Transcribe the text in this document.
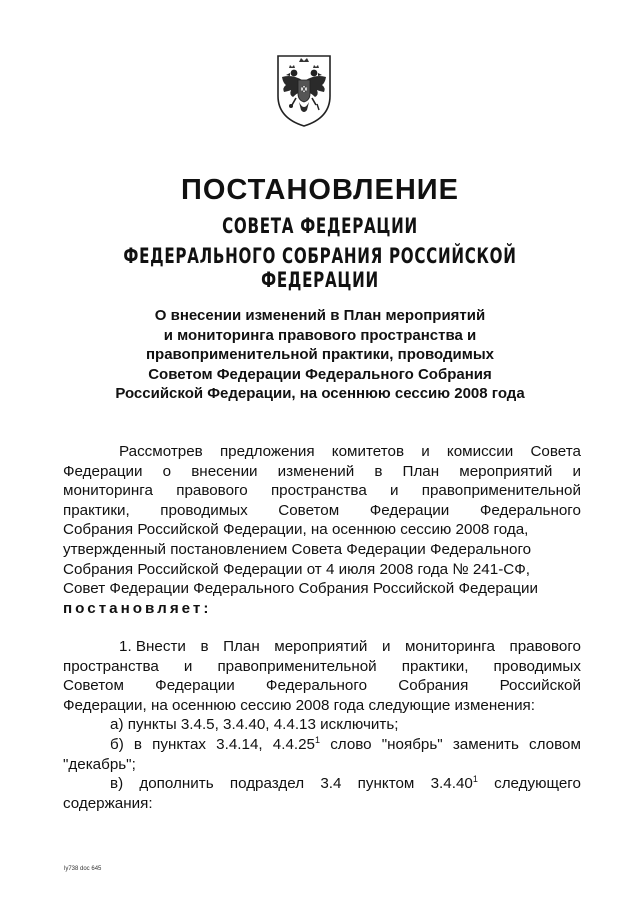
ПОСТАНОВЛЕНИЕ
СОВЕТА ФЕДЕРАЦИИ
ФЕДЕРАЛЬНОГО СОБРАНИЯ РОССИЙСКОЙ ФЕДЕРАЦИИ
О внесении изменений в План мероприятий
и мониторинга правового пространства и
правоприменительной практики, проводимых
Советом Федерации Федерального Собрания
Российской Федерации, на осеннюю сессию 2008 года
Рассмотрев предложения комитетов и комиссии Совета
Федерации о внесении изменений в План мероприятий и
мониторинга правового пространства и правоприменительной
практики, проводимых Советом Федерации Федерального
Собрания Российской Федерации, на осеннюю сессию 2008 года,
утвержденный постановлением Совета Федерации Федерального
Собрания Российской Федерации от 4 июля 2008 года № 241-СФ,
Совет Федерации Федерального Собрания Российской Федерации
постановляет:
1. Внести в План мероприятий и мониторинга правового
пространства и правоприменительной практики, проводимых
Советом Федерации Федерального Собрания Российской
Федерации, на осеннюю сессию 2008 года следующие изменения:
а) пункты 3.4.5, 3.4.40, 4.4.13 исключить;
б) в пунктах 3.4.14, 4.4.25$^1$ слово "ноябрь" заменить словом
"декабрь";
в) дополнить подраздел 3.4 пунктом 3.4.40$^1$ следующего
содержания:
ly738 doc 645
